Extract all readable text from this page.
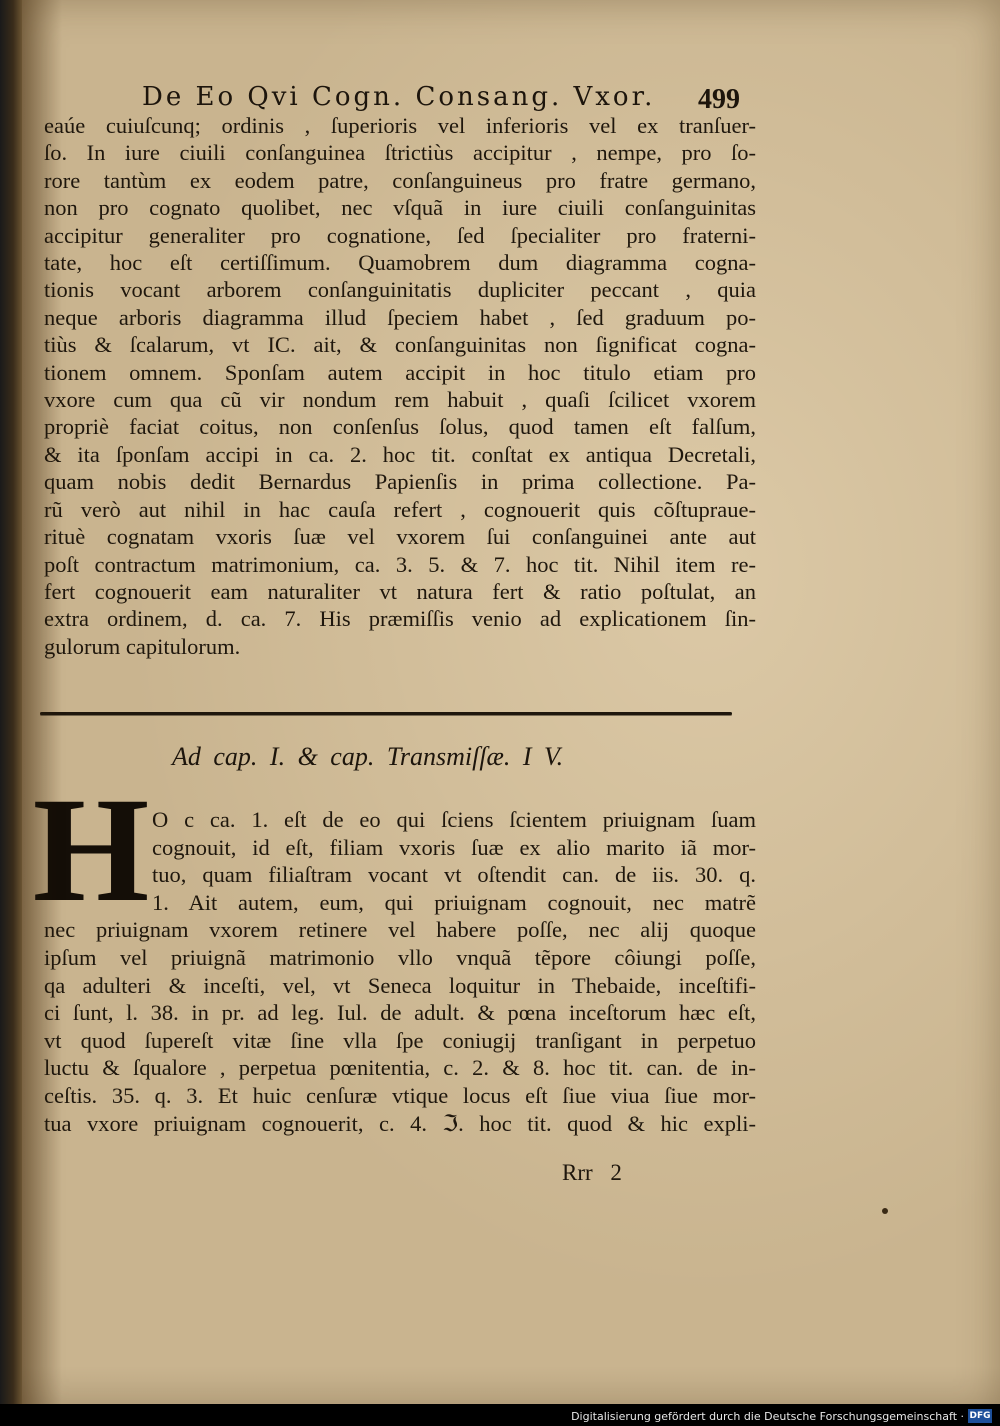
De Eo Qvi Cogn. Consang. Vxor.	499
eaúe cuiuſcunq; ordinis , ſuperioris vel inferioris vel ex tranſuer-
ſo. In iure ciuili conſanguinea ſtrictiùs accipitur , nempe, pro ſo-
rore tantùm ex eodem patre, conſanguineus pro fratre germano,
non pro cognato quolibet, nec vſquã in iure ciuili conſanguinitas
accipitur generaliter pro cognatione, ſed ſpecialiter pro fraterni-
tate, hoc eſt certiſſimum. Quamobrem dum diagramma cogna-
tionis vocant arborem conſanguinitatis dupliciter peccant , quia
neque arboris diagramma illud ſpeciem habet , ſed graduum po-
tiùs & ſcalarum, vt IC. ait, & conſanguinitas non ſignificat cogna-
tionem omnem. Sponſam autem accipit in hoc titulo etiam pro
vxore cum qua cũ vir nondum rem habuit , quaſi ſcilicet vxorem
propriè faciat coitus, non conſenſus ſolus, quod tamen eſt falſum,
& ita ſponſam accipi in ca. 2. hoc tit. conſtat ex antiqua Decretali,
quam nobis dedit Bernardus Papienſis in prima collectione. Pa-
rũ verò aut nihil in hac cauſa refert , cognouerit quis cõſtupraue-
rituè cognatam vxoris ſuæ vel vxorem ſui conſanguinei ante aut
poſt contractum matrimonium, ca. 3. 5. & 7. hoc tit. Nihil item re-
fert cognouerit eam naturaliter vt natura fert & ratio poſtulat, an
extra ordinem, d. ca. 7. His præmiſſis venio ad explicationem ſin-
gulorum capitulorum.
Ad cap. I. & cap. Transmiſſæ. I V.
H O c ca. 1. eſt de eo qui ſciens ſcientem priuignam ſuam
cognouit, id eſt, filiam vxoris ſuæ ex alio marito iã mor-
tuo, quam filiaſtram vocant vt oſtendit can. de iis. 30. q.
1. Ait autem, eum, qui priuignam cognouit, nec matrẽ
nec priuignam vxorem retinere vel habere poſſe, nec alij quoque
ipſum vel priuignã matrimonio vllo vnquã tẽpore côiungi poſſe,
qa adulteri & inceſti, vel, vt Seneca loquitur in Thebaide, inceſtifi-
ci ſunt, l. 38. in pr. ad leg. Iul. de adult. & pœna inceſtorum hæc eſt,
vt quod ſupereſt vitæ ſine vlla ſpe coniugij tranſigant in perpetuo
luctu & ſqualore , perpetua pœnitentia, c. 2. & 8. hoc tit. can. de in-
ceſtis. 35. q. 3. Et huic cenſuræ vtique locus eſt ſiue viua ſiue mor-
tua vxore priuignam cognouerit, c. 4. ℑ. hoc tit. quod & hic expli-
Rrr 2
Digitalisierung gefördert durch die Deutsche Forschungsgemeinschaft · DFG
